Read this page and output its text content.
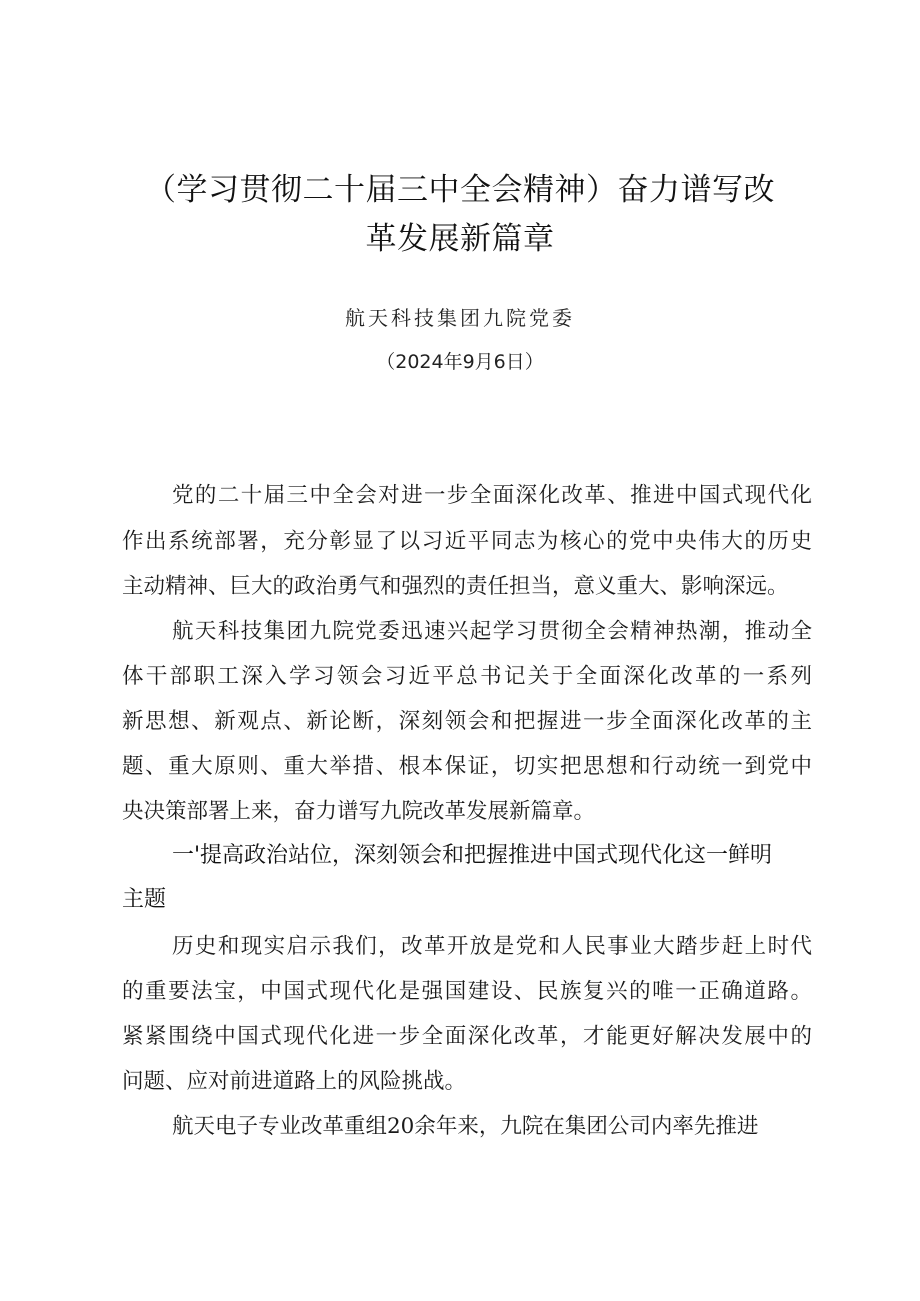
（学习贯彻二十届三中全会精神）奋力谱写改
革发展新篇章
航天科技集团九院党委
（2024年9月6日）
党的二十届三中全会对进一步全面深化改革、推进中国式现代化
作出系统部署，充分彰显了以习近平同志为核心的党中央伟大的历史
主动精神、巨大的政治勇气和强烈的责任担当，意义重大、影响深远。
航天科技集团九院党委迅速兴起学习贯彻全会精神热潮，推动全
体干部职工深入学习领会习近平总书记关于全面深化改革的一系列
新思想、新观点、新论断，深刻领会和把握进一步全面深化改革的主
题、重大原则、重大举措、根本保证，切实把思想和行动统一到党中
央决策部署上来，奋力谱写九院改革发展新篇章。
一'提高政治站位，深刻领会和把握推进中国式现代化这一鲜明
主题
历史和现实启示我们，改革开放是党和人民事业大踏步赶上时代
的重要法宝，中国式现代化是强国建设、民族复兴的唯一正确道路。
紧紧围绕中国式现代化进一步全面深化改革，才能更好解决发展中的
问题、应对前进道路上的风险挑战。
航天电子专业改革重组20余年来，九院在集团公司内率先推进
